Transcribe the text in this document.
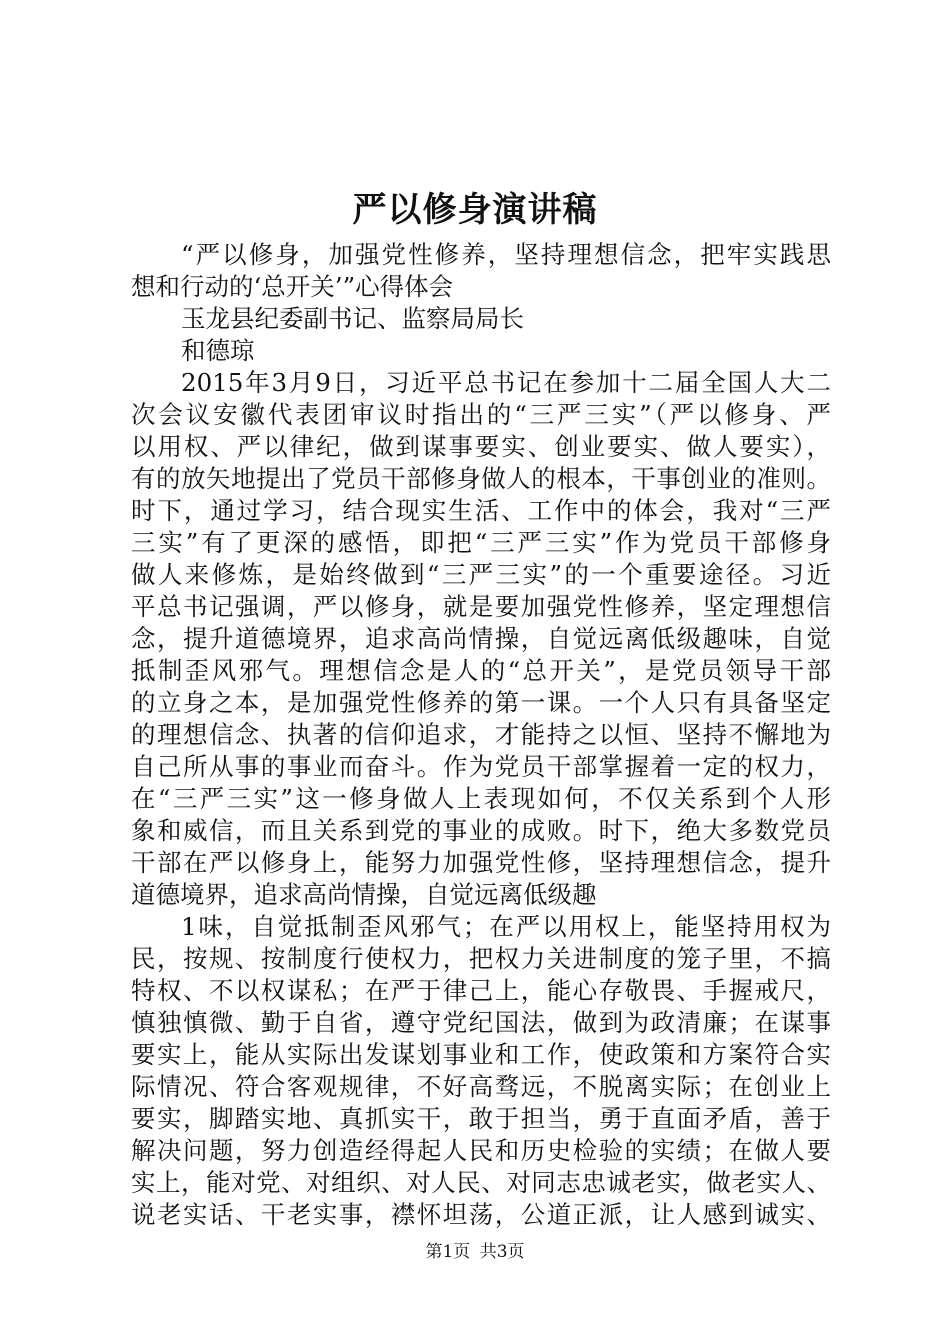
严以修身演讲稿
“严以修身，加强党性修养，坚持理想信念，把牢实践思
想和行动的‘总开关’”心得体会
玉龙县纪委副书记、监察局局长
和德琼
2015年3月9日，习近平总书记在参加十二届全国人大二
次会议安徽代表团审议时指出的“三严三实”（严以修身、严
以用权、严以律纪，做到谋事要实、创业要实、做人要实），
有的放矢地提出了党员干部修身做人的根本，干事创业的准则。
时下，通过学习，结合现实生活、工作中的体会，我对“三严
三实”有了更深的感悟，即把“三严三实”作为党员干部修身
做人来修炼，是始终做到“三严三实”的一个重要途径。习近
平总书记强调，严以修身，就是要加强党性修养，坚定理想信
念，提升道德境界，追求高尚情操，自觉远离低级趣味，自觉
抵制歪风邪气。理想信念是人的“总开关”，是党员领导干部
的立身之本，是加强党性修养的第一课。一个人只有具备坚定
的理想信念、执著的信仰追求，才能持之以恒、坚持不懈地为
自己所从事的事业而奋斗。作为党员干部掌握着一定的权力，
在“三严三实”这一修身做人上表现如何，不仅关系到个人形
象和威信，而且关系到党的事业的成败。时下，绝大多数党员
干部在严以修身上，能努力加强党性修，坚持理想信念，提升
道德境界，追求高尚情操，自觉远离低级趣
1味，自觉抵制歪风邪气；在严以用权上，能坚持用权为
民，按规、按制度行使权力，把权力关进制度的笼子里，不搞
特权、不以权谋私；在严于律己上，能心存敬畏、手握戒尺，
慎独慎微、勤于自省，遵守党纪国法，做到为政清廉；在谋事
要实上，能从实际出发谋划事业和工作，使政策和方案符合实
际情况、符合客观规律，不好高骛远，不脱离实际；在创业上
要实，脚踏实地、真抓实干，敢于担当，勇于直面矛盾，善于
解决问题，努力创造经得起人民和历史检验的实绩；在做人要
实上，能对党、对组织、对人民、对同志忠诚老实，做老实人、
说老实话、干老实事，襟怀坦荡，公道正派，让人感到诚实、
第1页 共3页
